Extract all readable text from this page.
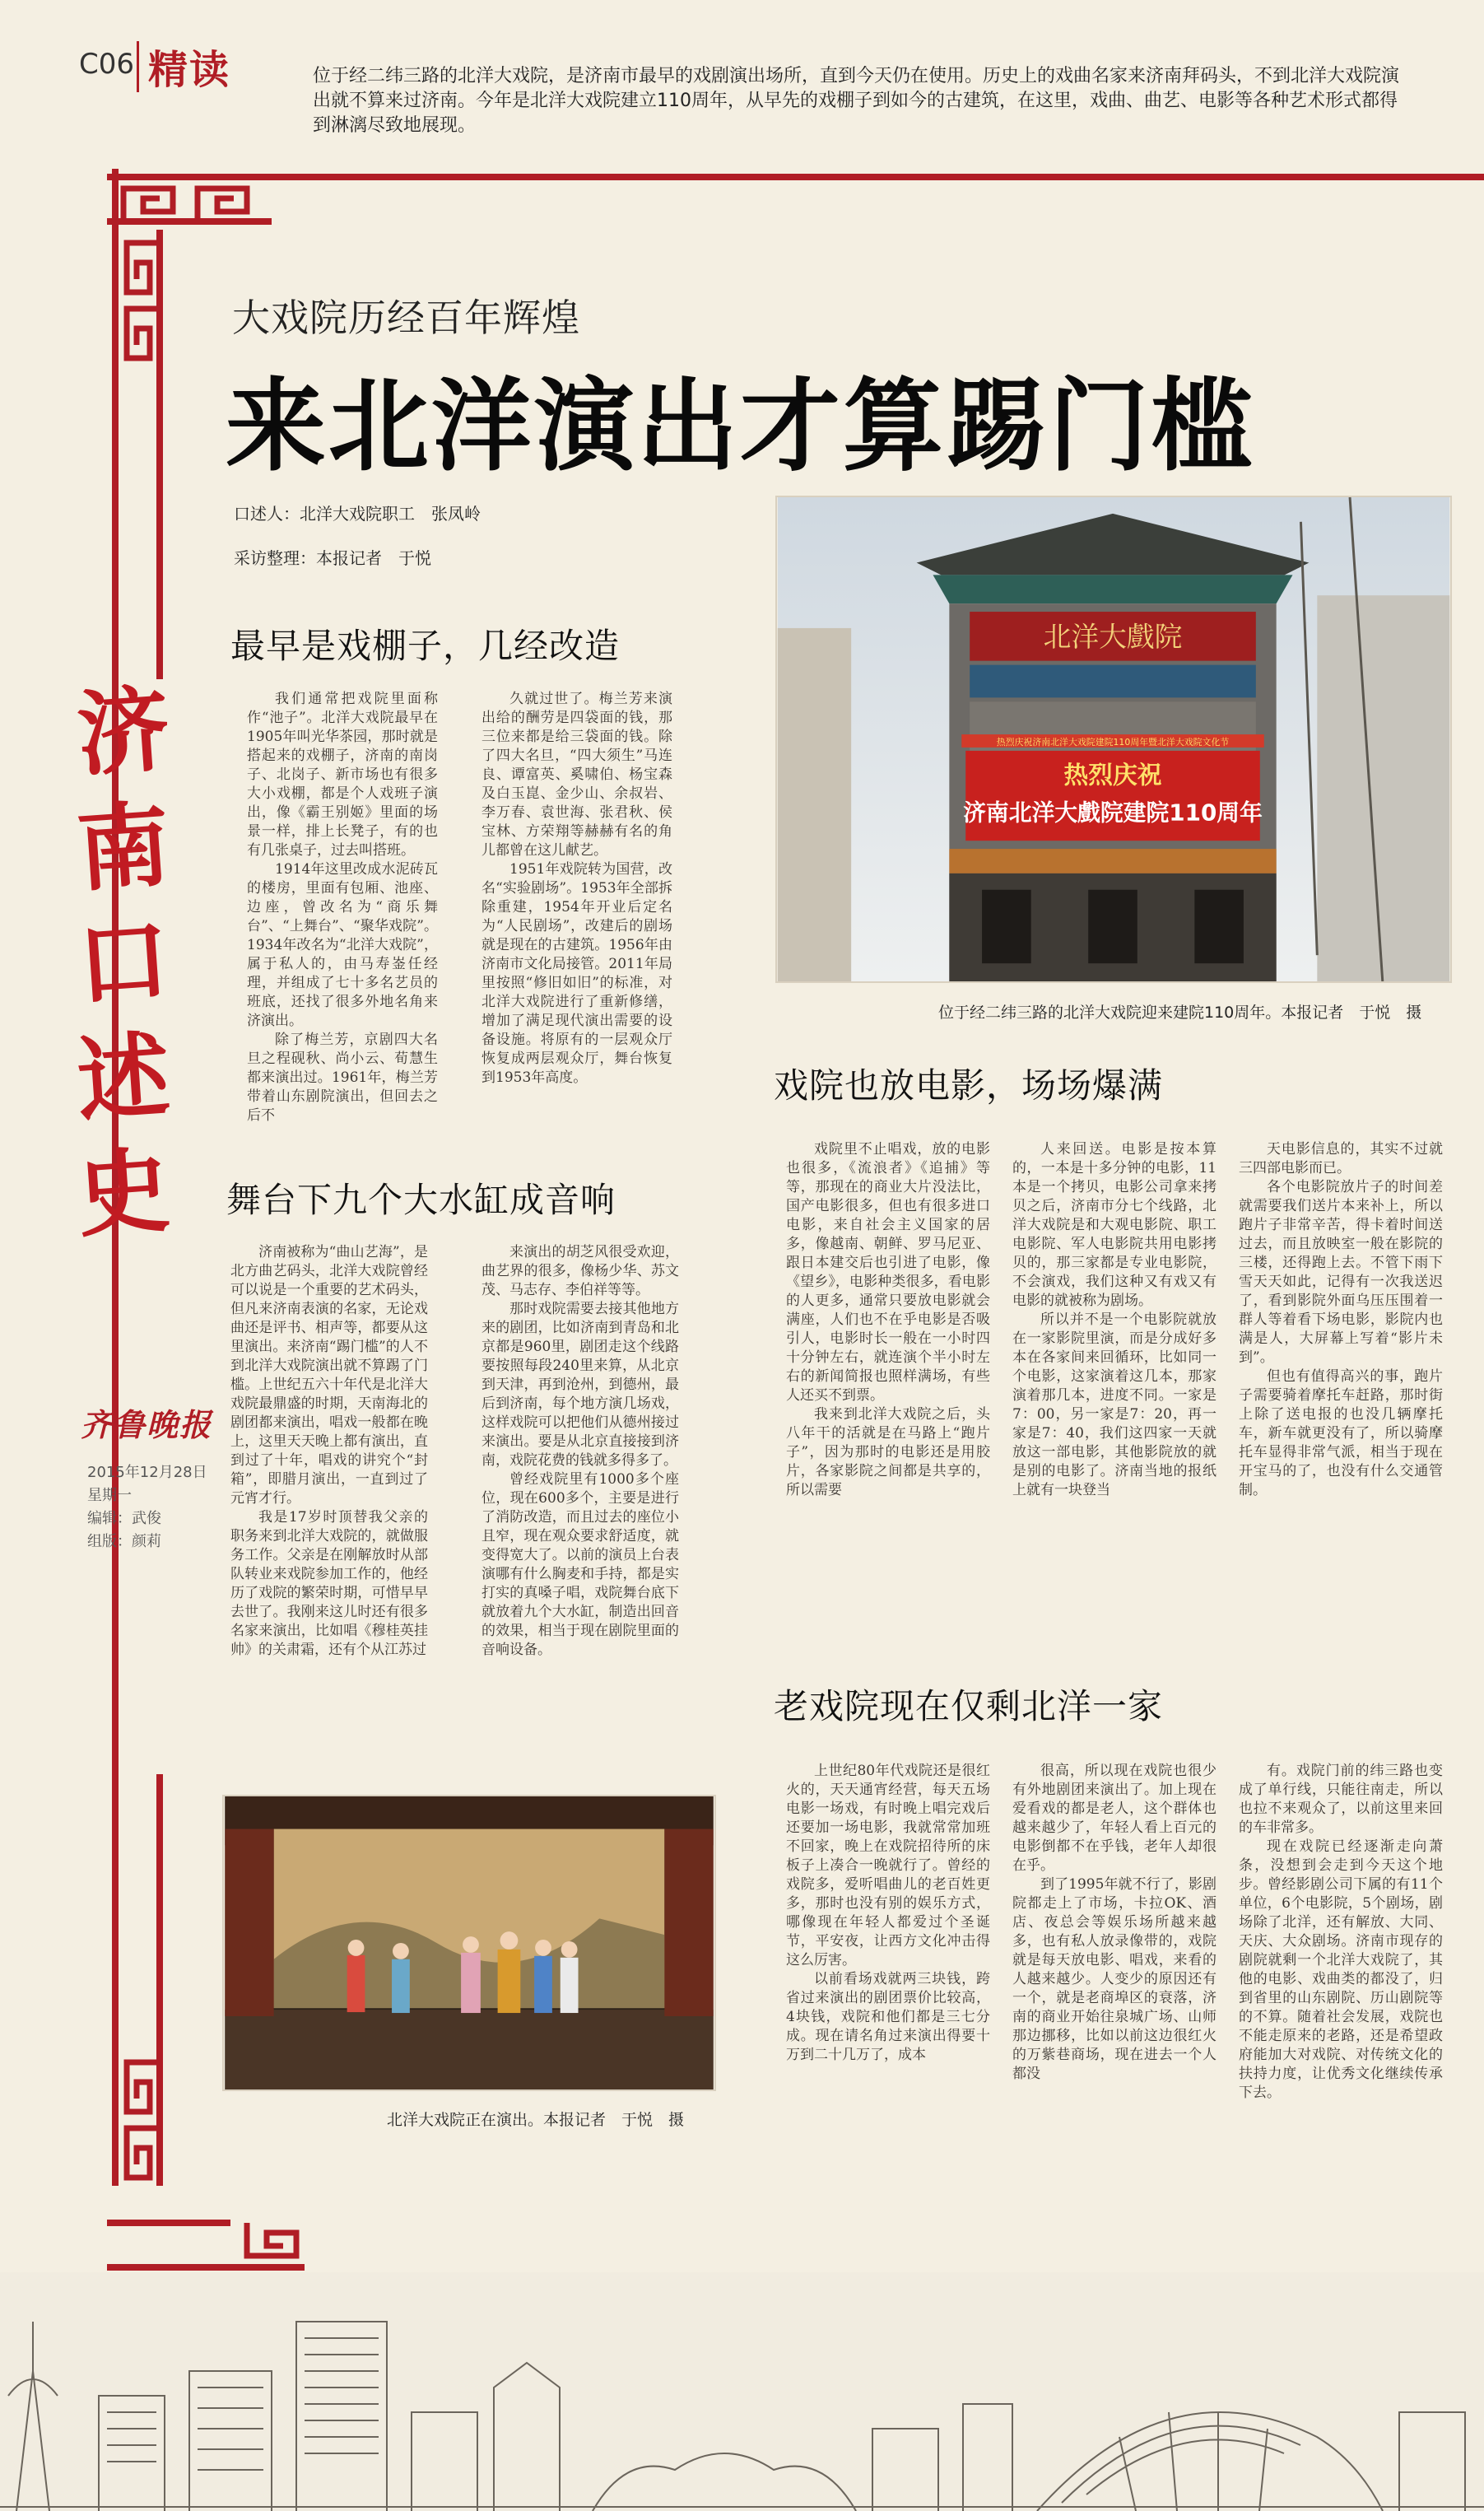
C06 精读	位于经二纬三路的北洋大戏院，是济南市最早的戏剧演出场所，直到今天仍在使用。历史上的戏曲名家来济南拜码头，不到北洋大戏院演出就不算来过济南。今年是北洋大戏院建立110周年，从早先的戏棚子到如今的古建筑，在这里，戏曲、曲艺、电影等各种艺术形式都得到淋漓尽致地展现。
济
南
口
述
史
齐鲁晚报
2015年12月28日
星期一
编辑：武俊
组版：颜莉
大戏院历经百年辉煌
来北洋演出才算踢门槛
口述人：北洋大戏院职工　张凤岭
采访整理：本报记者　于悦
最早是戏棚子，几经改造

我们通常把戏院里面称作“池子”。北洋大戏院最早在1905年叫光华茶园，那时就是搭起来的戏棚子，济南的南岗子、北岗子、新市场也有很多大小戏棚，都是个人戏班子演出，像《霸王别姬》里面的场景一样，排上长凳子，有的也有几张桌子，过去叫搭班。

1914年这里改成水泥砖瓦的楼房，里面有包厢、池座、边座，曾改名为“商乐舞台”、“上舞台”、“聚华戏院”。1934年改名为“北洋大戏院”，属于私人的，由马寿崟任经理，并组成了七十多名艺员的班底，还找了很多外地名角来济演出。

除了梅兰芳，京剧四大名旦之程砚秋、尚小云、荀慧生都来演出过。1961年，梅兰芳带着山东剧院演出，但回去之后不

久就过世了。梅兰芳来演出给的酬劳是四袋面的钱，那三位来都是给三袋面的钱。除了四大名旦，“四大须生”马连良、谭富英、奚啸伯、杨宝森及白玉崑、金少山、余叔岩、李万春、袁世海、张君秋、侯宝林、方荣翔等赫赫有名的角儿都曾在这儿献艺。

1951年戏院转为国营，改名“实验剧场”。1953年全部拆除重建，1954年开业后定名为“人民剧场”，改建后的剧场就是现在的古建筑。1956年由济南市文化局接管。2011年局里按照“修旧如旧”的标准，对北洋大戏院进行了重新修缮，增加了满足现代演出需要的设备设施。将原有的一层观众厅恢复成两层观众厅，舞台恢复到1953年高度。

舞台下九个大水缸成音响

济南被称为“曲山艺海”，是北方曲艺码头，北洋大戏院曾经可以说是一个重要的艺术码头，但凡来济南表演的名家，无论戏曲还是评书、相声等，都要从这里演出。来济南“踢门槛”的人不到北洋大戏院演出就不算踢了门槛。上世纪五六十年代是北洋大戏院最鼎盛的时期，天南海北的剧团都来演出，唱戏一般都在晚上，这里天天晚上都有演出，直到过了十年，唱戏的讲究个“封箱”，即腊月演出，一直到过了元宵才行。

我是17岁时顶替我父亲的职务来到北洋大戏院的，就做服务工作。父亲是在刚解放时从部队转业来戏院参加工作的，他经历了戏院的繁荣时期，可惜早早去世了。我刚来这儿时还有很多名家来演出，比如唱《穆桂英挂帅》的关肃霜，还有个从江苏过

来演出的胡芝风很受欢迎，曲艺界的很多，像杨少华、苏文茂、马志存、李伯祥等等。

那时戏院需要去接其他地方来的剧团，比如济南到青岛和北京都是960里，剧团走这个线路要按照每段240里来算，从北京到天津，再到沧州，到德州，最后到济南，每个地方演几场戏，这样戏院可以把他们从德州接过来演出。要是从北京直接接到济南，戏院花费的钱就多得多了。

曾经戏院里有1000多个座位，现在600多个，主要是进行了消防改造，而且过去的座位小且窄，现在观众要求舒适度，就变得宽大了。以前的演员上台表演哪有什么胸麦和手持，都是实打实的真嗓子唱，戏院舞台底下就放着九个大水缸，制造出回音的效果，相当于现在剧院里面的音响设备。

北洋大戏院正在演出。本报记者　于悦　摄
北洋大戲院
热烈庆祝济南北洋大戏院建院110周年暨北洋大戏院文化节
热烈庆祝
济南北洋大戲院建院110周年
位于经二纬三路的北洋大戏院迎来建院110周年。本报记者　于悦　摄
戏院也放电影，场场爆满

戏院里不止唱戏，放的电影也很多，《流浪者》《追捕》等等，那现在的商业大片没法比，国产电影很多，但也有很多进口电影，来自社会主义国家的居多，像越南、朝鲜、罗马尼亚、跟日本建交后也引进了电影，像《望乡》，电影种类很多，看电影的人更多，通常只要放电影就会满座，人们也不在乎电影是否吸引人，电影时长一般在一小时四十分钟左右，就连演个半小时左右的新闻简报也照样满场，有些人还买不到票。

我来到北洋大戏院之后，头八年干的活就是在马路上“跑片子”，因为那时的电影还是用胶片，各家影院之间都是共享的，所以需要

人来回送。电影是按本算的，一本是十多分钟的电影，11本是一个拷贝，电影公司拿来拷贝之后，济南市分七个线路，北洋大戏院是和大观电影院、职工电影院、军人电影院共用电影拷贝的，那三家都是专业电影院，不会演戏，我们这种又有戏又有电影的就被称为剧场。

所以并不是一个电影院就放在一家影院里演，而是分成好多本在各家间来回循环，比如同一个电影，这家演着这几本，那家演着那几本，进度不同。一家是7：00，另一家是7：20，再一家是7：40，我们这四家一天就放这一部电影，其他影院放的就是别的电影了。济南当地的报纸上就有一块登当

天电影信息的，其实不过就三四部电影而已。

各个电影院放片子的时间差就需要我们送片本来补上，所以跑片子非常辛苦，得卡着时间送过去，而且放映室一般在影院的三楼，还得跑上去。不管下雨下雪天天如此，记得有一次我送迟了，看到影院外面乌压压围着一群人等着看下场电影，影院内也满是人，大屏幕上写着“影片未到”。

但也有值得高兴的事，跑片子需要骑着摩托车赶路，那时街上除了送电报的也没几辆摩托车，新车就更没有了，所以骑摩托车显得非常气派，相当于现在开宝马的了，也没有什么交通管制。

老戏院现在仅剩北洋一家

上世纪80年代戏院还是很红火的，天天通宵经营，每天五场电影一场戏，有时晚上唱完戏后还要加一场电影，我就常常加班不回家，晚上在戏院招待所的床板子上凑合一晚就行了。曾经的戏院多，爱听唱曲儿的老百姓更多，那时也没有别的娱乐方式，哪像现在年轻人都爱过个圣诞节，平安夜，让西方文化冲击得这么厉害。

以前看场戏就两三块钱，跨省过来演出的剧团票价比较高，4块钱，戏院和他们都是三七分成。现在请名角过来演出得要十万到二十几万了，成本

很高，所以现在戏院也很少有外地剧团来演出了。加上现在爱看戏的都是老人，这个群体也越来越少了，年轻人看上百元的电影倒都不在乎钱，老年人却很在乎。

到了1995年就不行了，影剧院都走上了市场，卡拉OK、酒店、夜总会等娱乐场所越来越多，也有私人放录像带的，戏院就是每天放电影、唱戏，来看的人越来越少。人变少的原因还有一个，就是老商埠区的衰落，济南的商业开始往泉城广场、山师那边挪移，比如以前这边很红火的万紫巷商场，现在进去一个人都没

有。戏院门前的纬三路也变成了单行线，只能往南走，所以也拉不来观众了，以前这里来回的车非常多。

现在戏院已经逐渐走向萧条，没想到会走到今天这个地步。曾经影剧公司下属的有11个单位，6个电影院，5个剧场，剧场除了北洋，还有解放、大同、天庆、大众剧场。济南市现存的剧院就剩一个北洋大戏院了，其他的电影、戏曲类的都没了，归到省里的山东剧院、历山剧院等的不算。随着社会发展，戏院也不能走原来的老路，还是希望政府能加大对戏院、对传统文化的扶持力度，让优秀文化继续传承下去。
